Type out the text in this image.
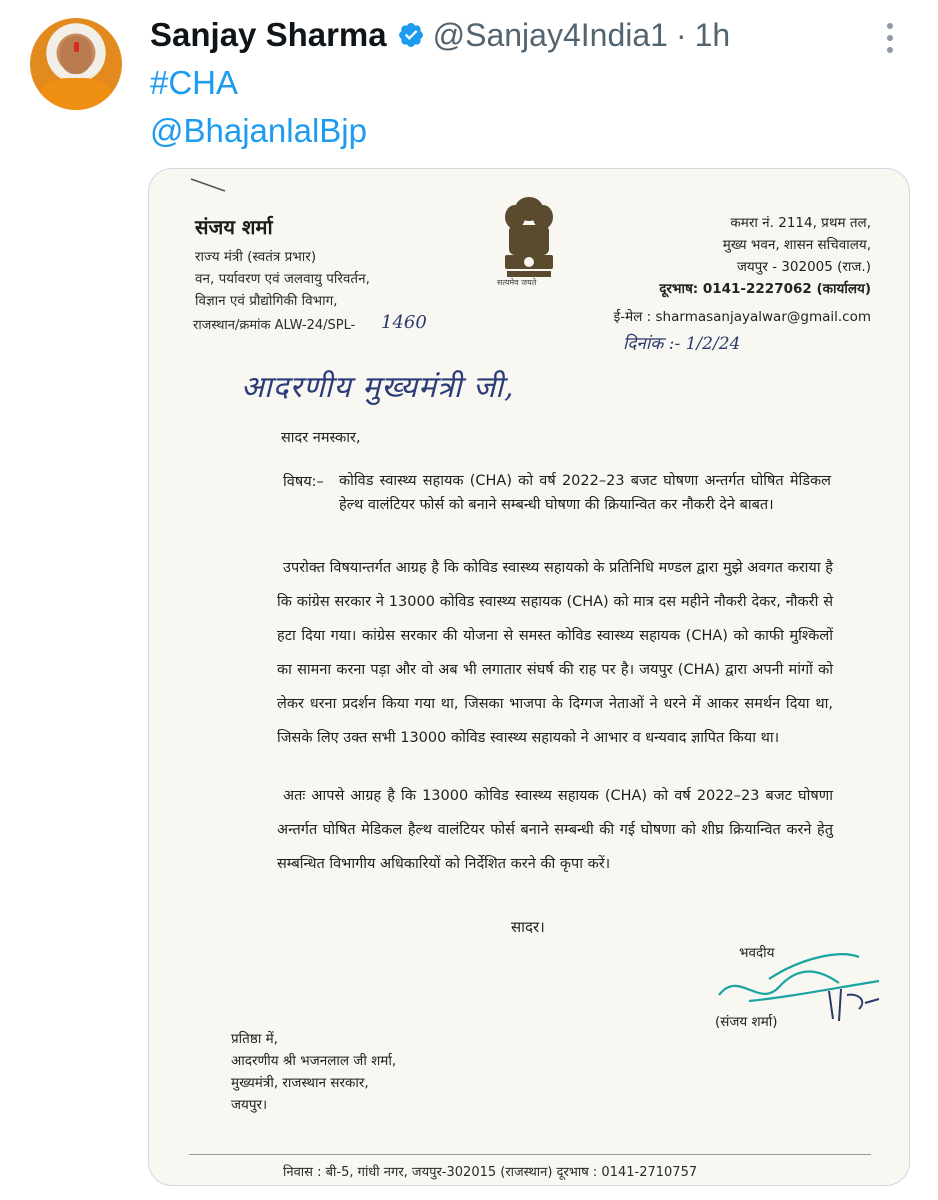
Sanjay Sharma @Sanjay4India1 · 1h
#CHA
@BhajanlalBjp
संजय शर्मा
राज्य मंत्री (स्वतंत्र प्रभार)
वन, पर्यावरण एवं जलवायु परिवर्तन,
विज्ञान एवं प्रौद्योगिकी विभाग,
सत्यमेव जयते
कमरा नं. 2114, प्रथम तल,
मुख्य भवन, शासन सचिवालय,
जयपुर - 302005 (राज.)
दूरभाष: 0141-2227062 (कार्यालय)
ई-मेल : sharmasanjayalwar@gmail.com
राजस्थान/क्रमांक ALW-24/SPL- 1460
दिनांक :- 1/2/24
आदरणीय मुख्यमंत्री जी,
सादर नमस्कार,
विषय:– कोविड स्वास्थ्य सहायक (CHA) को वर्ष 2022–23 बजट घोषणा अन्तर्गत घोषित मेडिकल हेल्थ वालंटियर फोर्स को बनाने सम्बन्धी घोषणा की क्रियान्वित कर नौकरी देने बाबत।
उपरोक्त विषयान्तर्गत आग्रह है कि कोविड स्वास्थ्य सहायको के प्रतिनिधि मण्डल द्वारा मुझे अवगत कराया है कि कांग्रेस सरकार ने 13000 कोविड स्वास्थ्य सहायक (CHA) को मात्र दस महीने नौकरी देकर, नौकरी से हटा दिया गया। कांग्रेस सरकार की योजना से समस्त कोविड स्वास्थ्य सहायक (CHA) को काफी मुश्किलों का सामना करना पड़ा और वो अब भी लगातार संघर्ष की राह पर है। जयपुर (CHA) द्वारा अपनी मांगों को लेकर धरना प्रदर्शन किया गया था, जिसका भाजपा के दिग्गज नेताओं ने धरने में आकर समर्थन दिया था, जिसके लिए उक्त सभी 13000 कोविड स्वास्थ्य सहायको ने आभार व धन्यवाद ज्ञापित किया था।
अतः आपसे आग्रह है कि 13000 कोविड स्वास्थ्य सहायक (CHA) को वर्ष 2022–23 बजट घोषणा अन्तर्गत घोषित मेडिकल हैल्थ वालंटियर फोर्स बनाने सम्बन्धी की गई घोषणा को शीघ्र क्रियान्वित करने हेतु सम्बन्धित विभागीय अधिकारियों को निर्देशित करने की कृपा करें।
सादर।
भवदीय
(संजय शर्मा)
प्रतिष्ठा में,
आदरणीय श्री भजनलाल जी शर्मा,
मुख्यमंत्री, राजस्थान सरकार,
जयपुर।
निवास : बी-5, गांधी नगर, जयपुर-302015 (राजस्थान) दूरभाष : 0141-2710757
